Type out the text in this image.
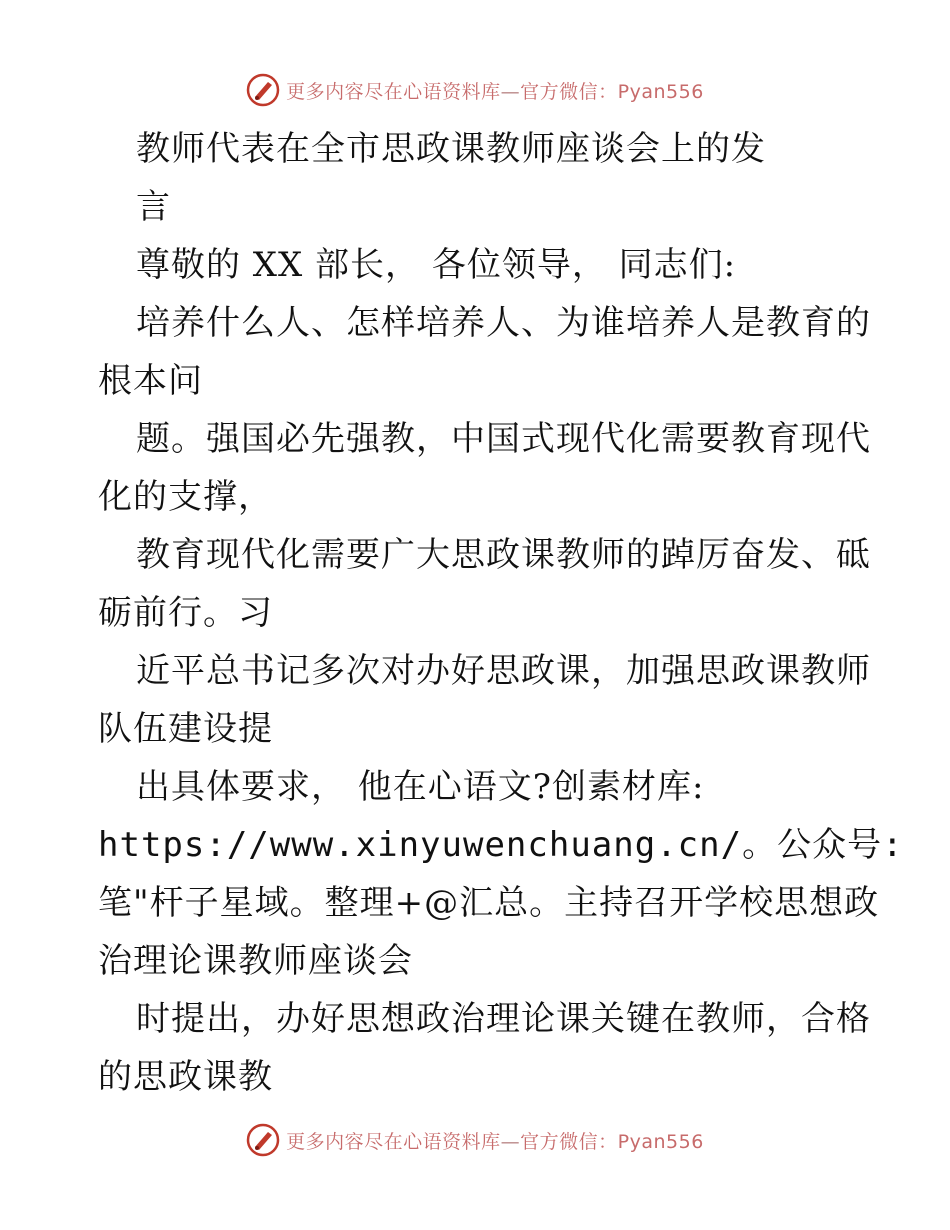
更多内容尽在心语资料库—官方微信：Pyan556
教师代表在全市思政课教师座谈会上的发
言
尊敬的 XX 部长， 各位领导， 同志们:
培养什么人、怎样培养人、为谁培养人是教育的
根本问
题。强国必先强教，中国式现代化需要教育现代
化的支撑，
教育现代化需要广大思政课教师的踔厉奋发、砥
砺前行。习
近平总书记多次对办好思政课，加强思政课教师
队伍建设提
出具体要求， 他在心语文?创素材库:
https://www.xinyuwenchuang.cn/。公众号:
笔"杆子星域。整理+@汇总。主持召开学校思想政
治理论课教师座谈会
时提出，办好思想政治理论课关键在教师，合格
的思政课教
更多内容尽在心语资料库—官方微信：Pyan556
